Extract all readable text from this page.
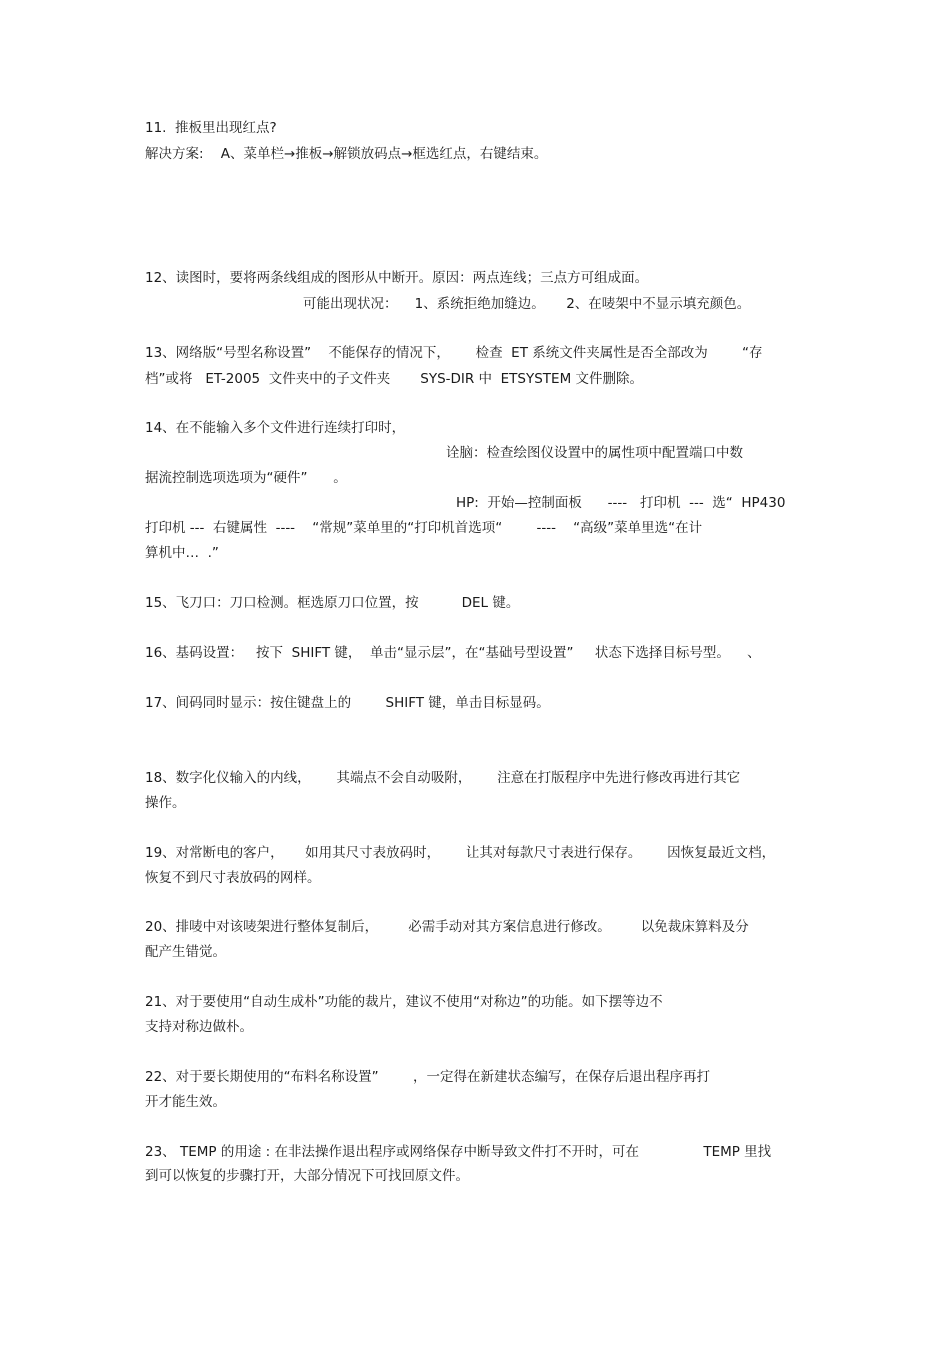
11.  推板里出现红点?
解决方案:    A、菜单栏→推板→解锁放码点→框选红点，右键结束。
12、读图时，要将两条线组成的图形从中断开。原因：两点连线；三点方可组成面。
可能出现状况：    1、系统拒绝加缝边。     2、在唛架中不显示填充颜色。
13、网络版“号型名称设置”    不能保存的情况下，      检查  ET 系统文件夹属性是否全部改为        “存
档”或将   ET-2005  文件夹中的子文件夹       SYS-DIR 中  ETSYSTEM 文件删除。
14、在不能输入多个文件进行连续打印时，
诠脑：检查绘图仪设置中的属性项中配置端口中数
据流控制选项选项为“硬件”      。
HP:  开始—控制面板      ----   打印机  ---  选“  HP430
打印机 ---  右键属性  ----    “常规”菜单里的“打印机首选项“        ----    “高级”菜单里选“在计
算机中…  .”
15、飞刀口：刀口检测。框选原刀口位置，按          DEL 键。
16、基码设置：   按下  SHIFT 键，  单击“显示层”，在“基础号型设置”     状态下选择目标号型。    、
17、间码同时显示：按住键盘上的        SHIFT 键，单击目标显码。
18、数字化仪输入的内线，      其端点不会自动吸附，      注意在打版程序中先进行修改再进行其它
操作。
19、对常断电的客户，     如用其尺寸表放码时，      让其对每款尺寸表进行保存。      因恢复最近文档，
恢复不到尺寸表放码的网样。
20、排唛中对该唛架进行整体复制后，       必需手动对其方案信息进行修改。       以免裁床算料及分
配产生错觉。
21、对于要使用“自动生成朴”功能的裁片，建议不使用“对称边”的功能。如下摆等边不
支持对称边做朴。
22、对于要长期使用的“布料名称设置”        ，一定得在新建状态编写，在保存后退出程序再打
开才能生效。
23、 TEMP 的用途 : 在非法操作退出程序或网络保存中断导致文件打不开时，可在               TEMP 里找
到可以恢复的步骤打开，大部分情况下可找回原文件。
